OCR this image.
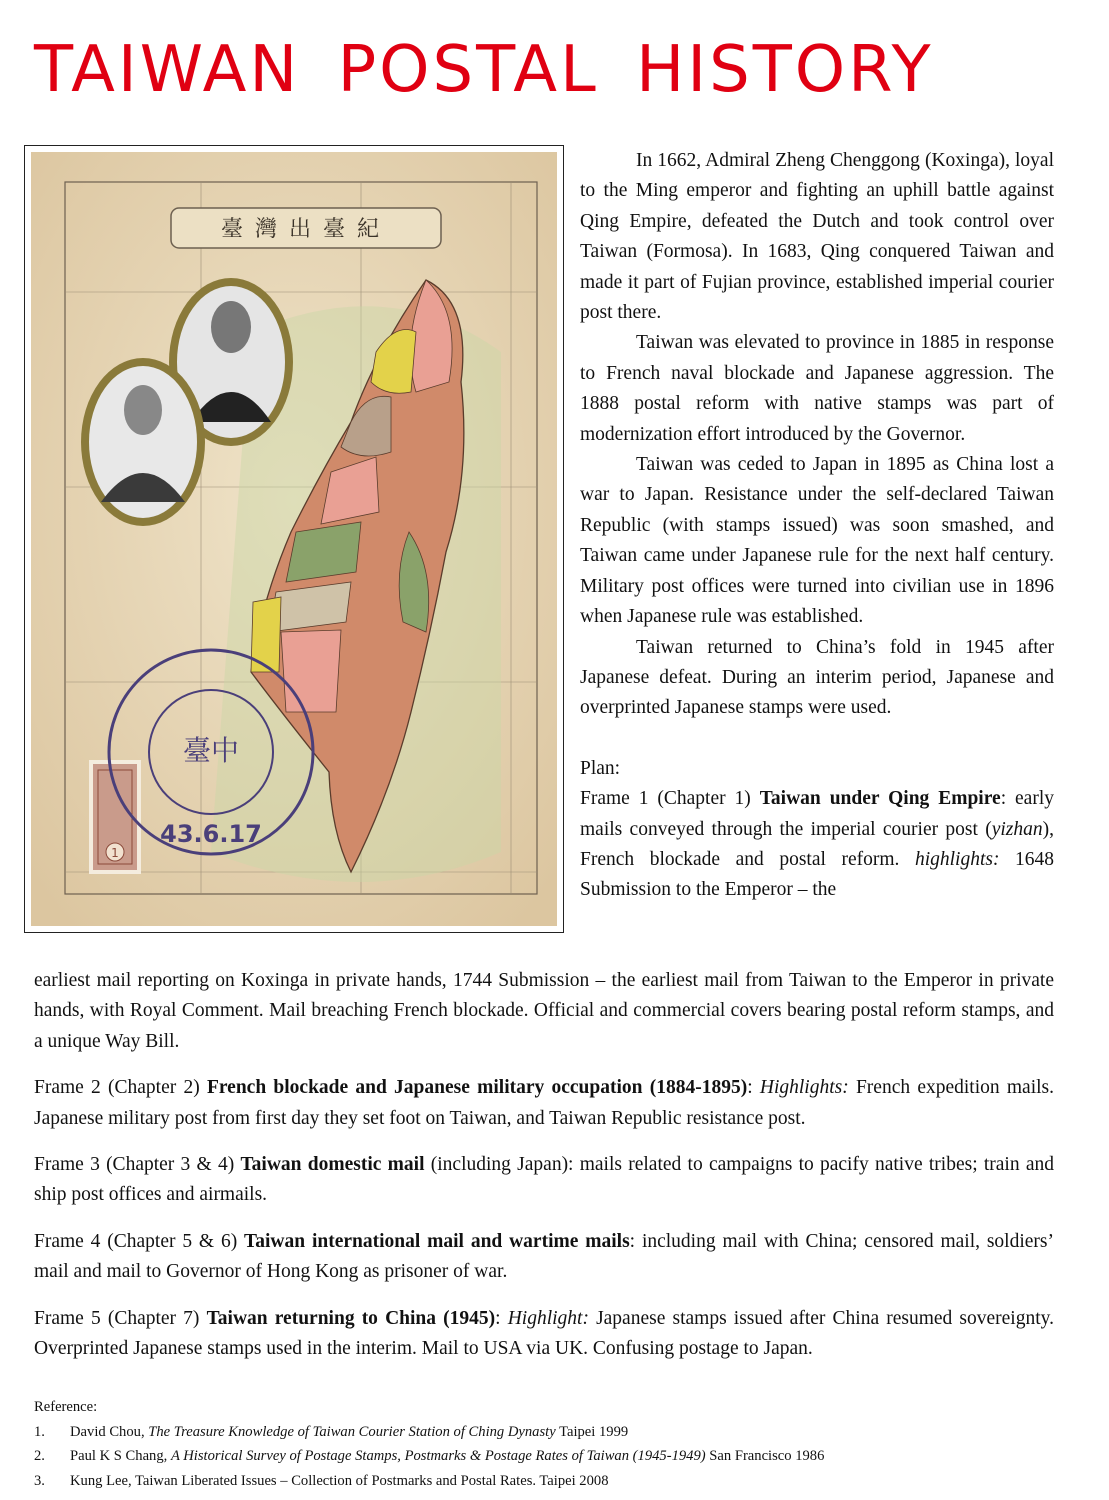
TAIWAN POSTAL HISTORY
臺灣出臺紀
1
臺中
43.6.17

In 1662, Admiral Zheng Chenggong (Koxinga), loyal to the Ming emperor and fighting an uphill battle against Qing Empire, defeated the Dutch and took control over Taiwan (Formosa). In 1683, Qing conquered Taiwan and made it part of Fujian province, established imperial courier post there.

Taiwan was elevated to province in 1885 in response to French naval blockade and Japanese aggression. The 1888 postal reform with native stamps was part of modernization effort introduced by the Governor.

Taiwan was ceded to Japan in 1895 as China lost a war to Japan. Resistance under the self-declared Taiwan Republic (with stamps issued) was soon smashed, and Taiwan came under Japanese rule for the next half century. Military post offices were turned into civilian use in 1896 when Japanese rule was established.

Taiwan returned to China’s fold in 1945 after Japanese defeat. During an interim period, Japanese and overprinted Japanese stamps were used.

Plan:

Frame 1 (Chapter 1) Taiwan under Qing Empire: early mails conveyed through the imperial courier post (yizhan), French blockade and postal reform. highlights: 1648 Submission to the Emperor – the

earliest mail reporting on Koxinga in private hands, 1744 Submission – the earliest mail from Taiwan to the Emperor in private hands, with Royal Comment. Mail breaching French blockade. Official and commercial covers bearing postal reform stamps, and a unique Way Bill.

Frame 2 (Chapter 2) French blockade and Japanese military occupation (1884-1895): Highlights: French expedition mails. Japanese military post from first day they set foot on Taiwan, and Taiwan Republic resistance post.

Frame 3 (Chapter 3 & 4) Taiwan domestic mail (including Japan): mails related to campaigns to pacify native tribes; train and ship post offices and airmails.

Frame 4 (Chapter 5 & 6) Taiwan international mail and wartime mails: including mail with China; censored mail, soldiers’ mail and mail to Governor of Hong Kong as prisoner of war.

Frame 5 (Chapter 7) Taiwan returning to China (1945): Highlight: Japanese stamps issued after China resumed sovereignty. Overprinted Japanese stamps used in the interim. Mail to USA via UK. Confusing postage to Japan.

Reference:
1. David Chou, The Treasure Knowledge of Taiwan Courier Station of Ching Dynasty Taipei 1999
2. Paul K S Chang, A Historical Survey of Postage Stamps, Postmarks & Postage Rates of Taiwan (1945-1949) San Francisco 1986
3. Kung Lee, Taiwan Liberated Issues – Collection of Postmarks and Postal Rates. Taipei 2008
